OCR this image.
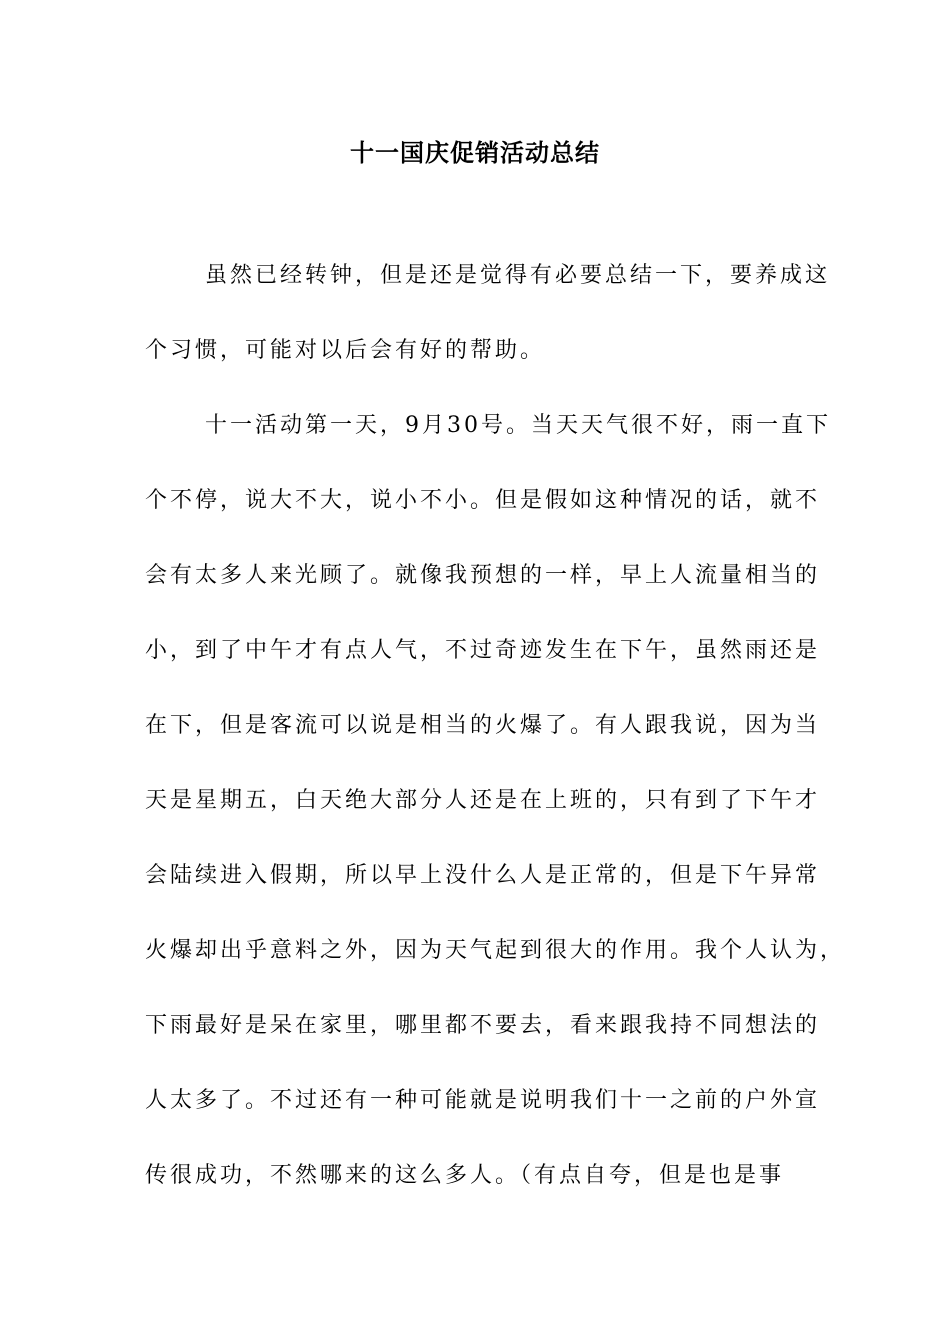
十一国庆促销活动总结
虽然已经转钟，但是还是觉得有必要总结一下，要养成这
个习惯，可能对以后会有好的帮助。
十一活动第一天，9月30号。当天天气很不好，雨一直下
个不停，说大不大，说小不小。但是假如这种情况的话，就不
会有太多人来光顾了。就像我预想的一样，早上人流量相当的
小，到了中午才有点人气，不过奇迹发生在下午，虽然雨还是
在下，但是客流可以说是相当的火爆了。有人跟我说，因为当
天是星期五，白天绝大部分人还是在上班的，只有到了下午才
会陆续进入假期，所以早上没什么人是正常的，但是下午异常
火爆却出乎意料之外，因为天气起到很大的作用。我个人认为，
下雨最好是呆在家里，哪里都不要去，看来跟我持不同想法的
人太多了。不过还有一种可能就是说明我们十一之前的户外宣
传很成功，不然哪来的这么多人。（有点自夸，但是也是事
